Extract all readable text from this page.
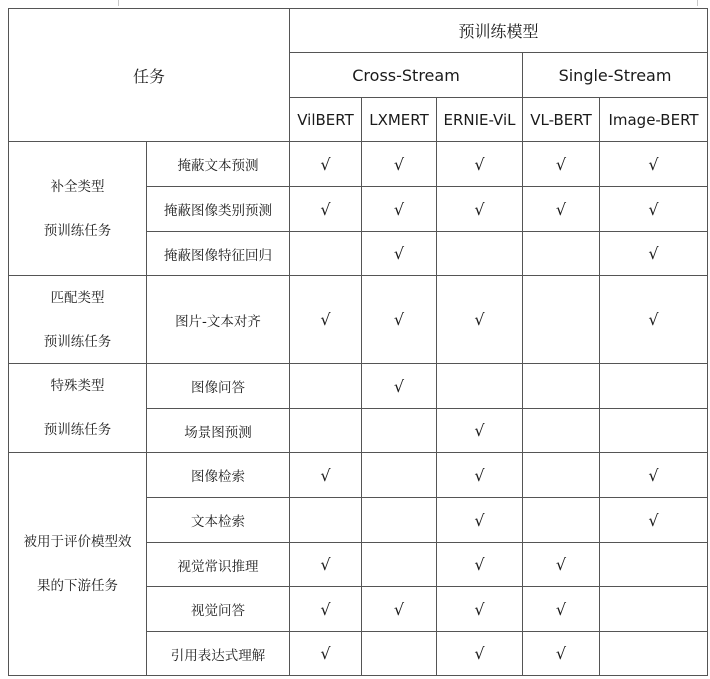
任务		预训练模型				
		Cross-Stream			Single-Stream	
		VilBERT	LXMERT	ERNIE-ViL	VL-BERT	Image-BERT

补全类型
预训练任务	掩蔽文本预测	√	√	√	√	√
	掩蔽图像类别预测	√	√	√	√	√
	掩蔽图像特征回归		√			√

匹配类型
预训练任务	图片-文本对齐	√	√	√		√

特殊类型
预训练任务	图像问答		√			
	场景图预测			√		

被用于评价模型效
果的下游任务	图像检索	√		√		√
	文本检索			√		√
	视觉常识推理	√		√	√	
	视觉问答	√	√	√	√	
	引用表达式理解	√		√	√	
